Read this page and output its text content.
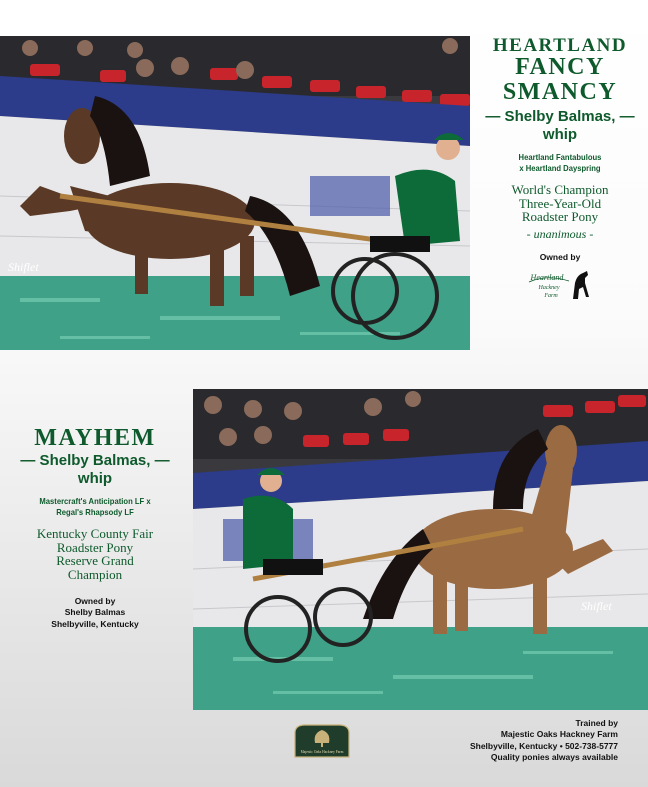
Shiflet
HEARTLAND
FANCY
SMANCY
— Shelby Balmas, —
whip
Heartland Fantabulous
x Heartland Dayspring
World's Champion
Three-Year-Old
Roadster Pony
- unanimous -
Owned by
Heartland
Hackney
Farm
Shiflet
MAYHEM
— Shelby Balmas, —
whip
Mastercraft's Anticipation LF x
Regal's Rhapsody LF
Kentucky County Fair
Roadster Pony
Reserve Grand
Champion
Owned by
Shelby Balmas
Shelbyville, Kentucky
Majestic Oaks Hackney Farm
Trained by
Majestic Oaks Hackney Farm
Shelbyville, Kentucky • 502-738-5777
Quality ponies always available
